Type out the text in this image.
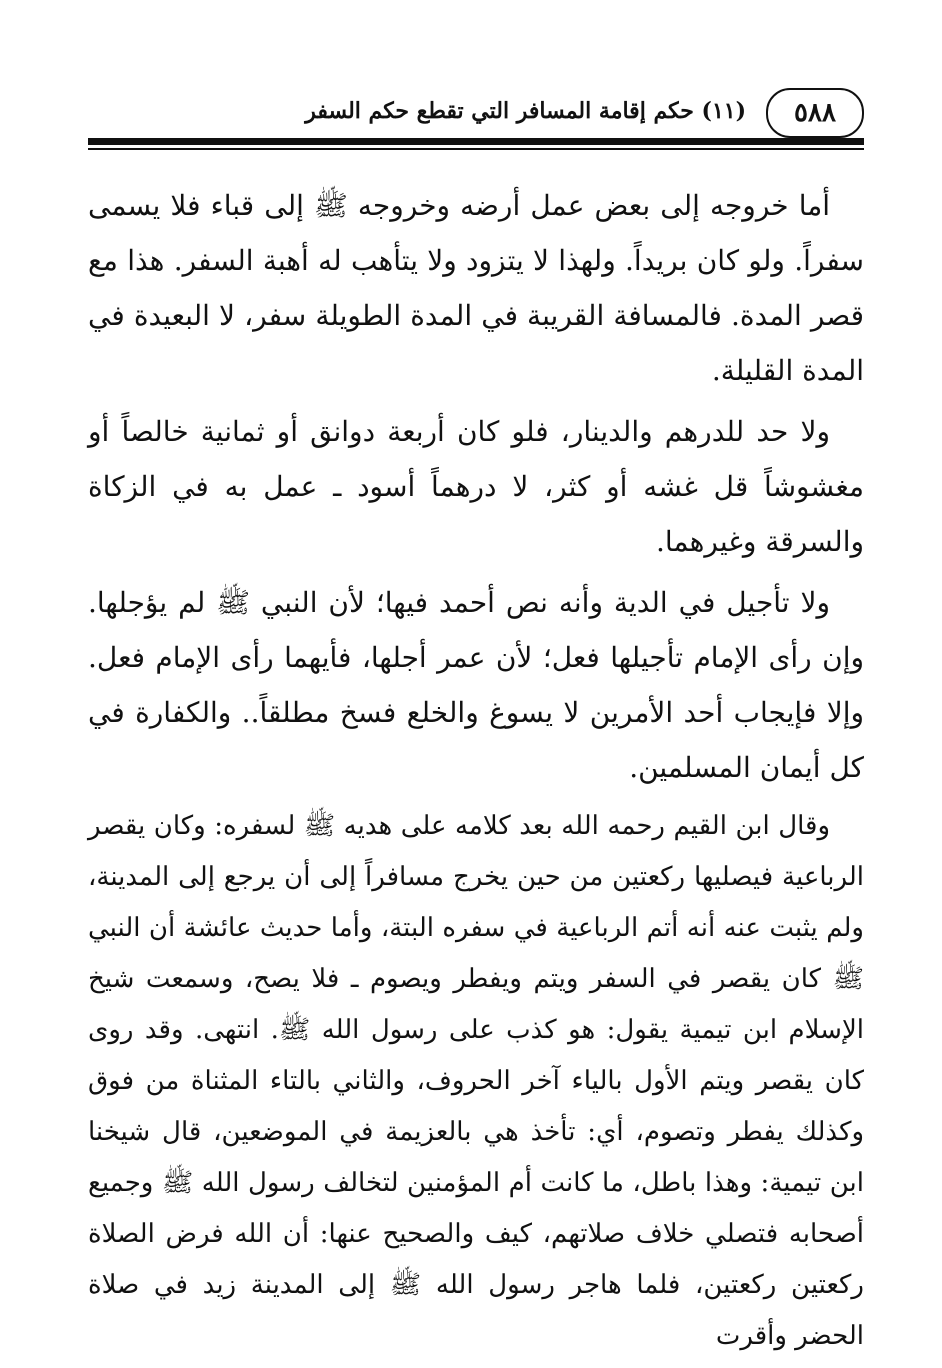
٥٨٨
(١١) حكم إقامة المسافر التي تقطع حكم السفر

أما خروجه إلى بعض عمل أرضه وخروجه ﷺ إلى قباء فلا يسمى سفراً. ولو كان بريداً. ولهذا لا يتزود ولا يتأهب له أهبة السفر. هذا مع قصر المدة. فالمسافة القريبة في المدة الطويلة سفر، لا البعيدة في المدة القليلة.

ولا حد للدرهم والدينار، فلو كان أربعة دوانق أو ثمانية خالصاً أو مغشوشاً قل غشه أو كثر، لا درهماً أسود ـ عمل به في الزكاة والسرقة وغيرهما.

ولا تأجيل في الدية وأنه نص أحمد فيها؛ لأن النبي ﷺ لم يؤجلها. وإن رأى الإمام تأجيلها فعل؛ لأن عمر أجلها، فأيهما رأى الإمام فعل. وإلا فإيجاب أحد الأمرين لا يسوغ والخلع فسخ مطلقاً.. والكفارة في كل أيمان المسلمين.

وقال ابن القيم رحمه الله بعد كلامه على هديه ﷺ لسفره: وكان يقصر الرباعية فيصليها ركعتين من حين يخرج مسافراً إلى أن يرجع إلى المدينة، ولم يثبت عنه أنه أتم الرباعية في سفره البتة، وأما حديث عائشة أن النبي ﷺ كان يقصر في السفر ويتم ويفطر ويصوم ـ فلا يصح، وسمعت شيخ الإسلام ابن تيمية يقول: هو كذب على رسول الله ﷺ. انتهى. وقد روى كان يقصر ويتم الأول بالياء آخر الحروف، والثاني بالتاء المثناة من فوق وكذلك يفطر وتصوم، أي: تأخذ هي بالعزيمة في الموضعين، قال شيخنا ابن تيمية: وهذا باطل، ما كانت أم المؤمنين لتخالف رسول الله ﷺ وجميع أصحابه فتصلي خلاف صلاتهم، كيف والصحيح عنها: أن الله فرض الصلاة ركعتين ركعتين، فلما هاجر رسول الله ﷺ إلى المدينة زيد في صلاة الحضر وأقرت
